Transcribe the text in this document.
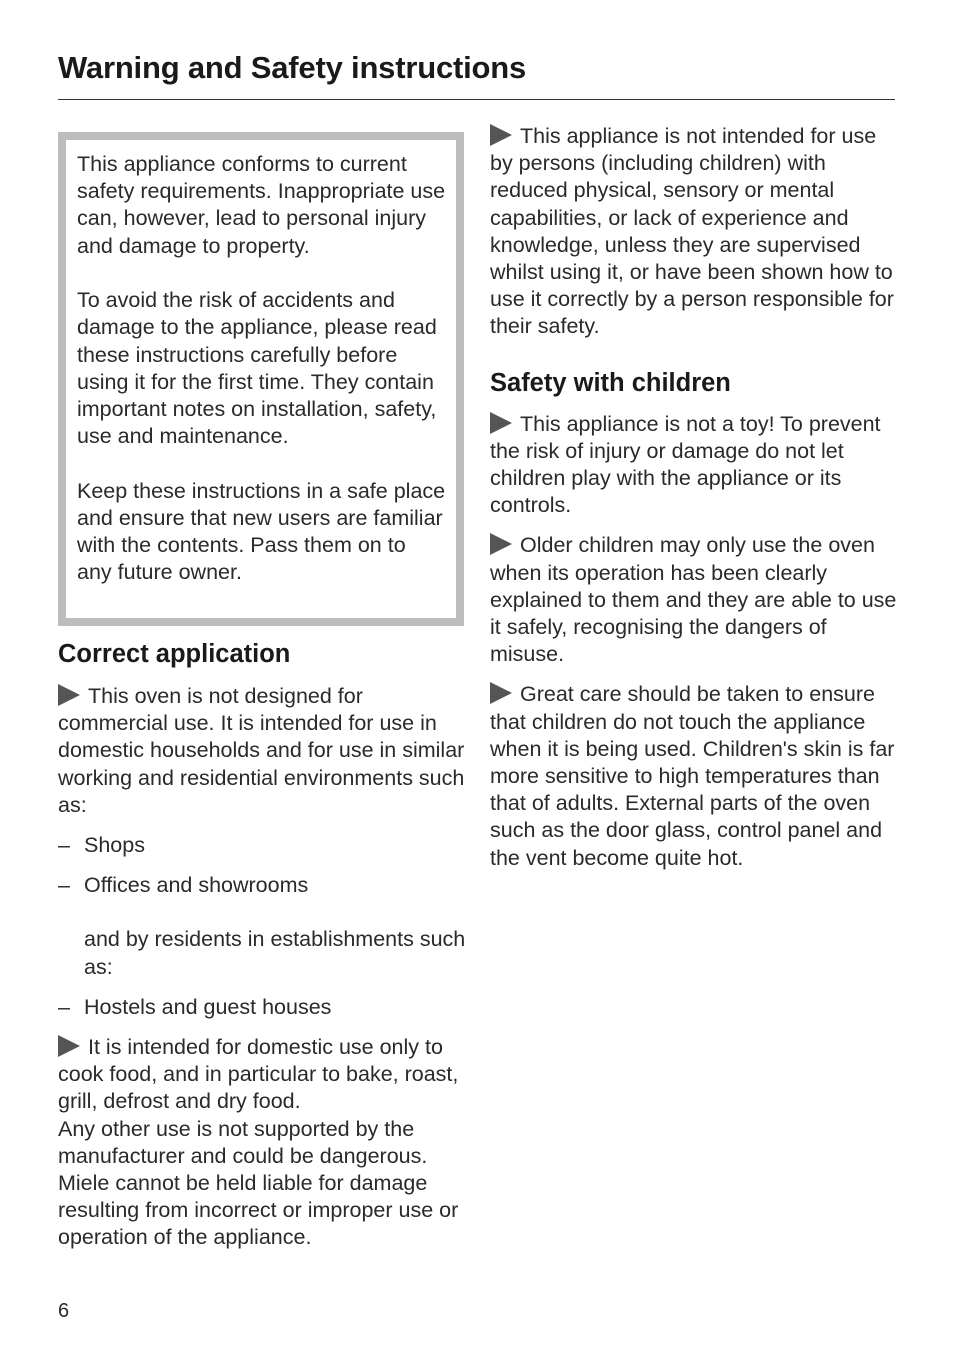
Warning and Safety instructions

This appliance conforms to current safety requirements. Inappropriate use can, however, lead to personal injury and damage to property.

To avoid the risk of accidents and damage to the appliance, please read these instructions carefully before using it for the first time. They contain important notes on installation, safety, use and maintenance.

Keep these instructions in a safe place and ensure that new users are familiar with the contents. Pass them on to any future owner.

Correct application

This oven is not designed for commercial use. It is intended for use in domestic households and for use in similar working and residential environments such as:

– Shops

– Offices and showrooms

and by residents in establishments such as:

– Hostels and guest houses

It is intended for domestic use only to cook food, and in particular to bake, roast, grill, defrost and dry food.

Any other use is not supported by the manufacturer and could be dangerous. Miele cannot be held liable for damage resulting from incorrect or improper use or operation of the appliance.

This appliance is not intended for use by persons (including children) with reduced physical, sensory or mental capabilities, or lack of experience and knowledge, unless they are supervised whilst using it, or have been shown how to use it correctly by a person responsible for their safety.

Safety with children

This appliance is not a toy! To prevent the risk of injury or damage do not let children play with the appliance or its controls.

Older children may only use the oven when its operation has been clearly explained to them and they are able to use it safely, recognising the dangers of misuse.

Great care should be taken to ensure that children do not touch the appliance when it is being used. Children's skin is far more sensitive to high temperatures than that of adults. External parts of the oven such as the door glass, control panel and the vent become quite hot.

6
